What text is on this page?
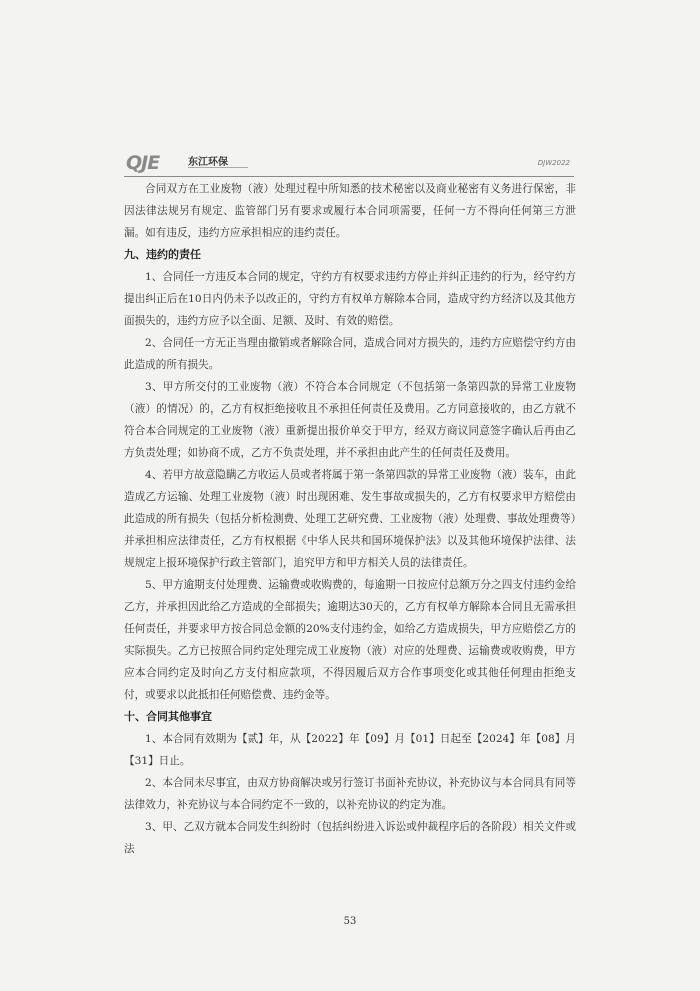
QJE	东江环保	DJW2022

合同双方在工业废物（液）处理过程中所知悉的技术秘密以及商业秘密有义务进行保密，非因法律法规另有规定、监管部门另有要求或履行本合同项需要，任何一方不得向任何第三方泄漏。如有违反，违约方应承担相应的违约责任。

九、违约的责任

1、合同任一方违反本合同的规定，守约方有权要求违约方停止并纠正违约的行为，经守约方提出纠正后在10日内仍未予以改正的，守约方有权单方解除本合同，造成守约方经济以及其他方面损失的，违约方应予以全面、足额、及时、有效的赔偿。

2、合同任一方无正当理由撤销或者解除合同，造成合同对方损失的，违约方应赔偿守约方由此造成的所有损失。

3、甲方所交付的工业废物（液）不符合本合同规定（不包括第一条第四款的异常工业废物（液）的情况）的，乙方有权拒绝接收且不承担任何责任及费用。乙方同意接收的，由乙方就不符合本合同规定的工业废物（液）重新提出报价单交于甲方，经双方商议同意签字确认后再由乙方负责处理；如协商不成，乙方不负责处理，并不承担由此产生的任何责任及费用。

4、若甲方故意隐瞒乙方收运人员或者将属于第一条第四款的异常工业废物（液）装车，由此造成乙方运输、处理工业废物（液）时出现困难、发生事故或损失的，乙方有权要求甲方赔偿由此造成的所有损失（包括分析检测费、处理工艺研究费、工业废物（液）处理费、事故处理费等）并承担相应法律责任，乙方有权根据《中华人民共和国环境保护法》以及其他环境保护法律、法规规定上报环境保护行政主管部门，追究甲方和甲方相关人员的法律责任。

5、甲方逾期支付处理费、运输费或收购费的，每逾期一日按应付总额万分之四支付违约金给乙方，并承担因此给乙方造成的全部损失；逾期达30天的，乙方有权单方解除本合同且无需承担任何责任，并要求甲方按合同总金额的20%支付违约金，如给乙方造成损失，甲方应赔偿乙方的实际损失。乙方已按照合同约定处理完成工业废物（液）对应的处理费、运输费或收购费，甲方应本合同约定及时向乙方支付相应款项，不得因履后双方合作事项变化或其他任何理由拒绝支付，或要求以此抵扣任何赔偿费、违约金等。

十、合同其他事宜

1、本合同有效期为【贰】年，从【2022】年【09】月【01】日起至【2024】年【08】月【31】日止。

2、本合同未尽事宜，由双方协商解决或另行签订书面补充协议，补充协议与本合同具有同等法律效力，补充协议与本合同约定不一致的，以补充协议的约定为准。

3、甲、乙双方就本合同发生纠纷时（包括纠纷进入诉讼或仲裁程序后的各阶段）相关文件或法

53
